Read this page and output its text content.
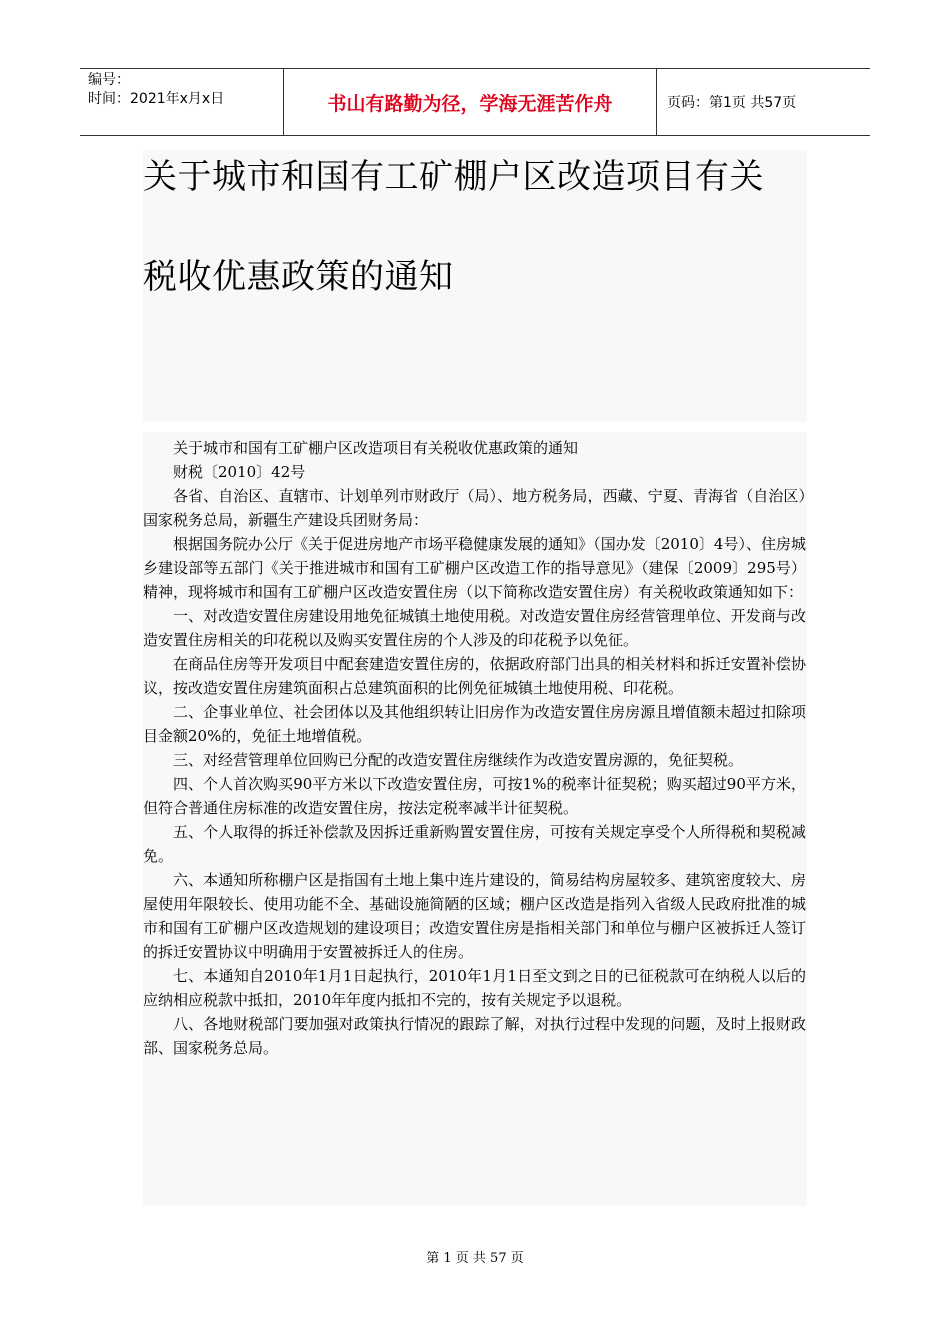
编号：
时间：2021年x月x日	书山有路勤为径，学海无涯苦作舟	页码：第1页 共57页
关于城市和国有工矿棚户区改造项目有关
税收优惠政策的通知

关于城市和国有工矿棚户区改造项目有关税收优惠政策的通知

财税〔2010〕42号

各省、自治区、直辖市、计划单列市财政厅（局）、地方税务局，西藏、宁夏、青海省（自治区）国家税务总局，新疆生产建设兵团财务局：

根据国务院办公厅《关于促进房地产市场平稳健康发展的通知》（国办发〔2010〕4号）、住房城乡建设部等五部门《关于推进城市和国有工矿棚户区改造工作的指导意见》（建保〔2009〕295号）精神，现将城市和国有工矿棚户区改造安置住房（以下简称改造安置住房）有关税收政策通知如下：

一、对改造安置住房建设用地免征城镇土地使用税。对改造安置住房经营管理单位、开发商与改造安置住房相关的印花税以及购买安置住房的个人涉及的印花税予以免征。

在商品住房等开发项目中配套建造安置住房的，依据政府部门出具的相关材料和拆迁安置补偿协议，按改造安置住房建筑面积占总建筑面积的比例免征城镇土地使用税、印花税。

二、企事业单位、社会团体以及其他组织转让旧房作为改造安置住房房源且增值额未超过扣除项目金额20%的，免征土地增值税。

三、对经营管理单位回购已分配的改造安置住房继续作为改造安置房源的，免征契税。

四、个人首次购买90平方米以下改造安置住房，可按1%的税率计征契税；购买超过90平方米，但符合普通住房标准的改造安置住房，按法定税率减半计征契税。

五、个人取得的拆迁补偿款及因拆迁重新购置安置住房，可按有关规定享受个人所得税和契税减免。

六、本通知所称棚户区是指国有土地上集中连片建设的，简易结构房屋较多、建筑密度较大、房屋使用年限较长、使用功能不全、基础设施简陋的区域；棚户区改造是指列入省级人民政府批准的城市和国有工矿棚户区改造规划的建设项目；改造安置住房是指相关部门和单位与棚户区被拆迁人签订的拆迁安置协议中明确用于安置被拆迁人的住房。

七、本通知自2010年1月1日起执行，2010年1月1日至文到之日的已征税款可在纳税人以后的应纳相应税款中抵扣，2010年年度内抵扣不完的，按有关规定予以退税。

八、各地财税部门要加强对政策执行情况的跟踪了解，对执行过程中发现的问题，及时上报财政部、国家税务总局。

第 1 页 共 57 页
